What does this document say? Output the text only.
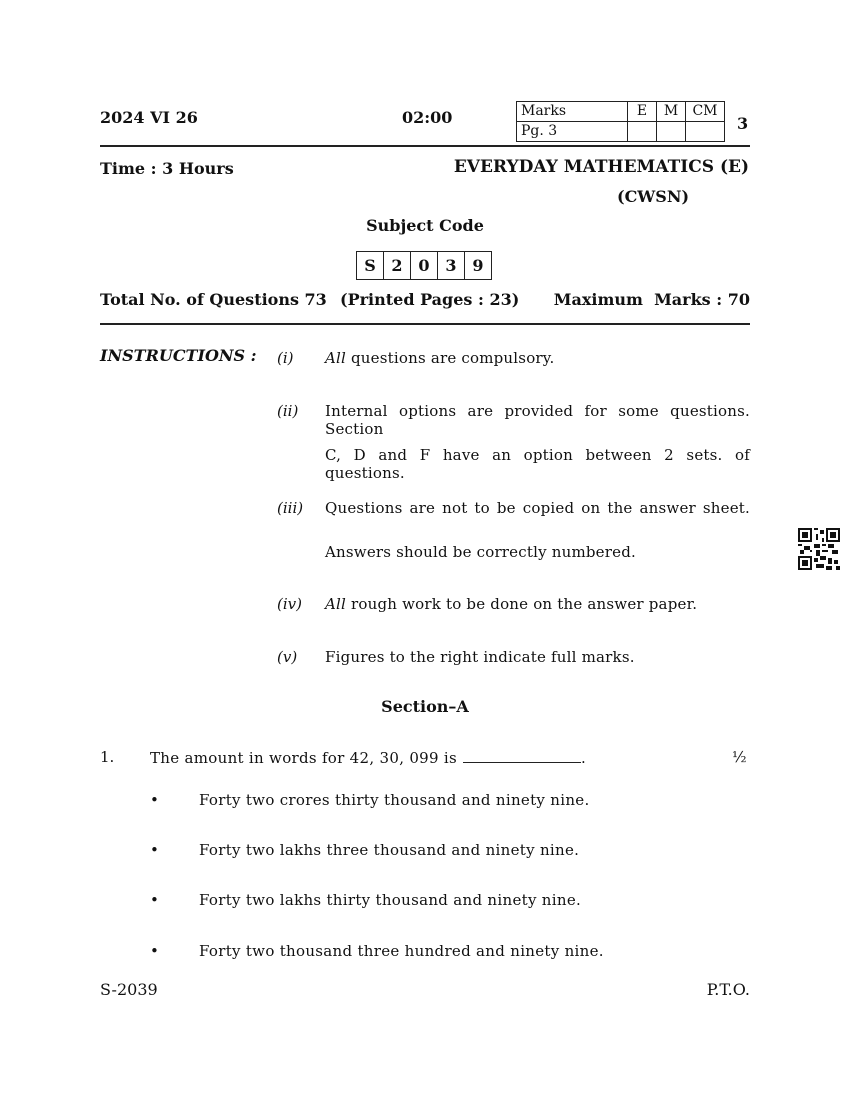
2024 VI 26	02:00	Marks	E	M	CM
Pg. 3				3
Time : 3 Hours	EVERYDAY MATHEMATICS (E)
(CWSN)
Subject Code
S 2 0 3 9
Total No. of Questions 73 (Printed Pages : 23) Maximum  Marks : 70
INSTRUCTIONS : (i) All questions are compulsory.
(ii) Internal options are provided for some questions. Section
C, D and F have an option between 2 sets. of questions.
(iii) Questions are not to be copied on the answer sheet.
Answers should be correctly numbered.
(iv) All rough work to be done on the answer paper.
(v) Figures to the right indicate full marks.
Section–A
1. The amount in words for 42, 30, 099 is	.	½
•	Forty two crores thirty thousand and ninety nine.
•	Forty two lakhs three thousand and ninety nine.
•	Forty two lakhs thirty thousand and ninety nine.
•	Forty two thousand three hundred and ninety nine.
S-2039	P.T.O.
